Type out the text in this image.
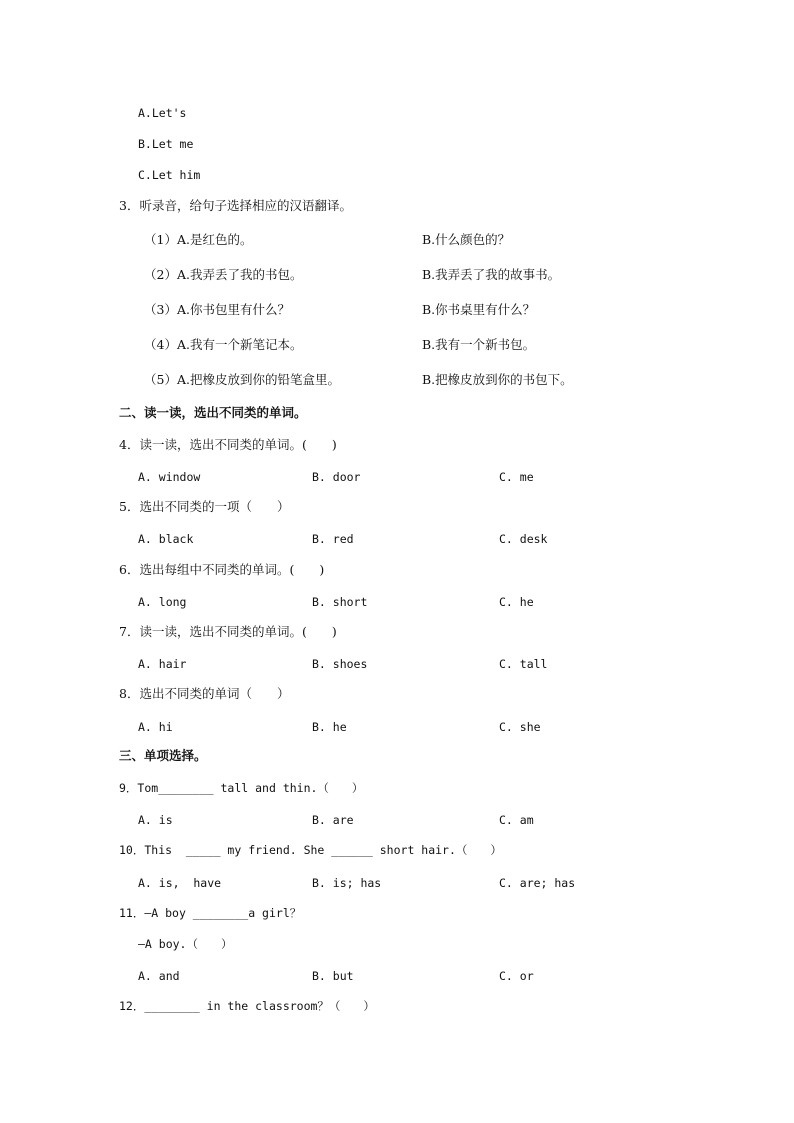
A.Let's
B.Let me
C.Let him
3．听录音，给句子选择相应的汉语翻译。
（1）A.是红色的。	B.什么颜色的？
（2）A.我弄丢了我的书包。	B.我弄丢了我的故事书。
（3）A.你书包里有什么？	B.你书桌里有什么？
（4）A.我有一个新笔记本。	B.我有一个新书包。
（5）A.把橡皮放到你的铅笔盒里。	B.把橡皮放到你的书包下。
二、读一读，选出不同类的单词。
4．读一读，选出不同类的单词。(　　)
A. window	B. door	C. me
5．选出不同类的一项（　　）
A. black	B. red	C. desk
6．选出每组中不同类的单词。(　　)
A. long	B. short	C. he
7．读一读，选出不同类的单词。(　　)
A. hair	B. shoes	C. tall
8．选出不同类的单词（　　）
A. hi	B. he	C. she
三、单项选择。
9．Tom________ tall and thin.（　　）
A. is	B. are	C. am
10．This  _____ my friend. She ______ short hair.（　　）
A. is,  have	B. is; has	C. are; has
11．—A boy ________a girl？
—A boy.（　　）
A. and	B. but	C. or
12．________ in the classroom？（　　）
